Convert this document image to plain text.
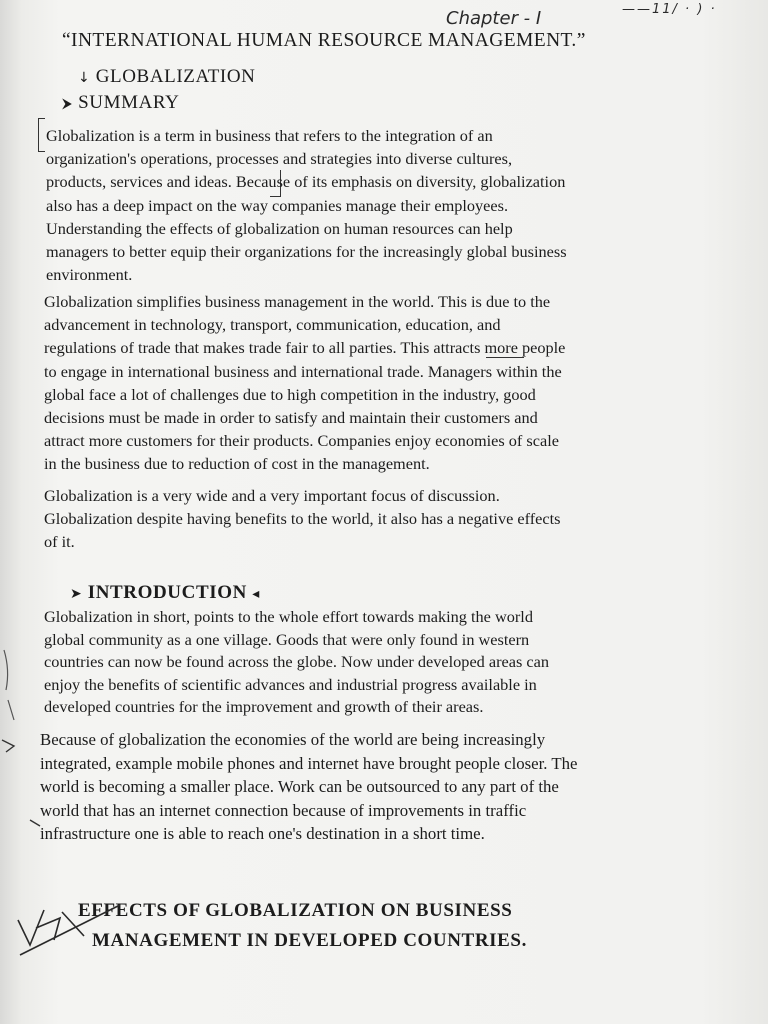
Chapter - I	——11/ · ) ·
“INTERNATIONAL HUMAN RESOURCE MANAGEMENT.”
↓ GLOBALIZATION
⮞ SUMMARY
Globalization is a term in business that refers to the integration of an
organization's operations, processes and strategies into diverse cultures,
products, services and ideas. Because of its emphasis on diversity, globalization
also has a deep impact on the way companies manage their employees.
Understanding the effects of globalization on human resources can help
managers to better equip their organizations for the increasingly global business
environment.
Globalization simplifies business management in the world. This is due to the
advancement in technology, transport, communication, education, and
regulations of trade that makes trade fair to all parties. This attracts more people
to engage in international business and international trade. Managers within the
global face a lot of challenges due to high competition in the industry, good
decisions must be made in order to satisfy and maintain their customers and
attract more customers for their products. Companies enjoy economies of scale
in the business due to reduction of cost in the management.
Globalization is a very wide and a very important focus of discussion.
Globalization despite having benefits to the world, it also has a negative effects
of it.
➤ INTRODUCTION ◂
Globalization in short, points to the whole effort towards making the world
global community as a one village. Goods that were only found in western
countries can now be found across the globe. Now under developed areas can
enjoy the benefits of scientific advances and industrial progress available in
developed countries for the improvement and growth of their areas.
Because of globalization the economies of the world are being increasingly
integrated, example mobile phones and internet have brought people closer. The
world is becoming a smaller place. Work can be outsourced to any part of the
world that has an internet connection because of improvements in traffic
infrastructure one is able to reach one's destination in a short time.
EFFECTS OF GLOBALIZATION ON BUSINESS
MANAGEMENT IN DEVELOPED COUNTRIES.
